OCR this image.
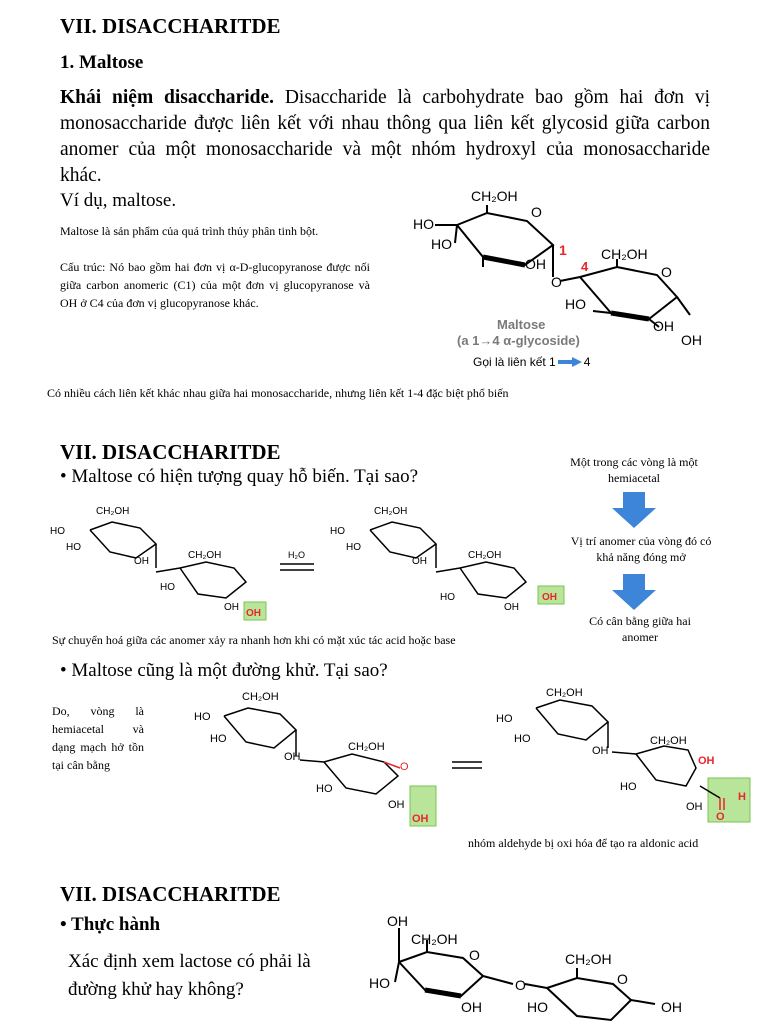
VII. DISACCHARITDE
1. Maltose
Khái niệm disaccharide. Disaccharide là carbohydrate bao gồm hai đơn vị monosaccharide được liên kết với nhau thông qua liên kết glycosid giữa carbon anomer của một monosaccharide và một nhóm hydroxyl của monosaccharide khác.
Ví dụ, maltose.
Maltose là sản phẩm của quá trình thủy phân tinh bột.
Cấu trúc: Nó bao gồm hai đơn vị α-D-glucopyranose được nối giữa carbon anomeric (C1) của một đơn vị glucopyranose và OH ở C4 của đơn vị glucopyranose khác.
CH₂OH
O
HO
HO
OH
1
O
4
CH₂OH
O
HO
OH
OH
Maltose
(a 1→4 α-glycoside)
Gọi là liên kết 1 4
Có nhiều cách liên kết khác nhau giữa hai monosaccharide, nhưng liên kết 1-4 đặc biệt phổ biến
VII. DISACCHARITDE
• Maltose có hiện tượng quay hỗ biến. Tại sao?
Một trong các vòng là một hemiacetal
Vị trí anomer của vòng đó có khả năng đóng mở
Có cân bằng giữa hai anomer
CH₂OH
HO
HO
OH
CH₂OH
HO
OH
OH
H₂O
CH₂OH
HO
HO
OH
CH₂OH
HO
OH
OH
Sự chuyển hoá giữa các anomer xảy ra nhanh hơn khi có mặt xúc tác acid hoặc base
• Maltose cũng là một đường khử. Tại sao?
Do, vòng là hemiacetal và dạng mạch hở tồn tại cân bằng
CH₂OH
HO
HO
OH
CH₂OH
O
HO
OH
OH
CH₂OH
HO
HO
OH
CH₂OH
OH
HO
OH
H
O
nhóm aldehyde bị oxi hóa để tạo ra aldonic acid
VII. DISACCHARITDE
• Thực hành
Xác định xem lactose có phải là đường khử hay không?
OH
CH₂OH
O
HO
OH
O
CH₂OH
O
HO	OH
